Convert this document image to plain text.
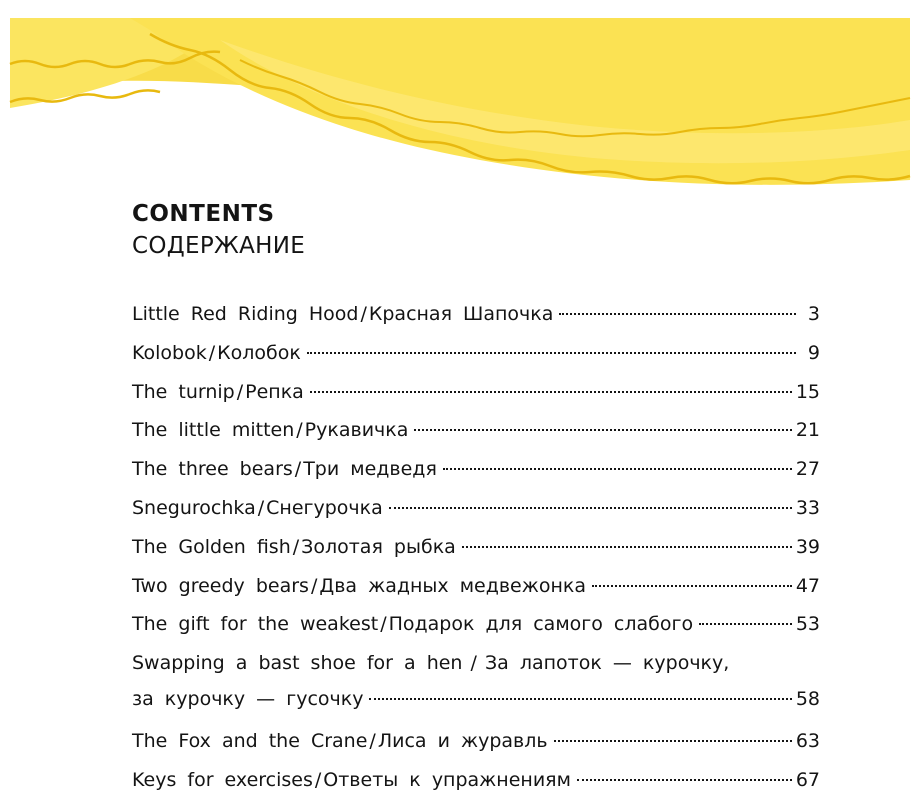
CONTENTS
СОДЕРЖАНИЕ
Little Red Riding Hood / Красная Шапочка	3
Kolobok / Колобок	9
The turnip / Репка	15
The little mitten / Рукавичка	21
The three bears / Три медведя	27
Snegurochka / Снегурочка	33
The Golden fish / Золотая рыбка	39
Two greedy bears / Два жадных медвежонка	47
The gift for the weakest / Подарок для самого слабого	53
Swapping a bast shoe for a hen / За лапоток — курочку,
за курочку — гусочку	58
The Fox and the Crane / Лиса и журавль	63
Keys for exercises / Ответы к упражнениям	67
